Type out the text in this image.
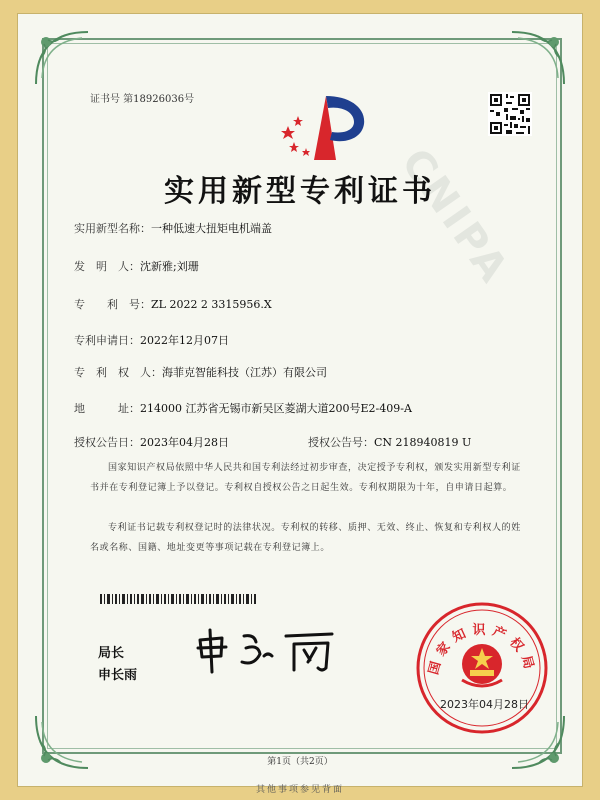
CNIPA
证书号 第18926036号
实用新型专利证书
实用新型名称：一种低速大扭矩电机端盖
发　明　人：沈新雅;刘珊
专　　利　号：ZL 2022 2 3315956.X
专利申请日：2022年12月07日
专　利　权　人：海菲克智能科技（江苏）有限公司
地　　　址：214000 江苏省无锡市新吴区菱湖大道200号E2-409-A
授权公告日：2023年04月28日	授权公告号：CN 218940819 U
国家知识产权局依照中华人民共和国专利法经过初步审查，决定授予专利权，颁发实用新型专利证书并在专利登记簿上予以登记。专利权自授权公告之日起生效。专利权期限为十年，自申请日起算。
专利证书记载专利权登记时的法律状况。专利权的转移、质押、无效、终止、恢复和专利权人的姓名或名称、国籍、地址变更等事项记载在专利登记簿上。
局长
申长雨	国家知识产权局
2023年04月28日
第1页（共2页）
其他事项参见背面
